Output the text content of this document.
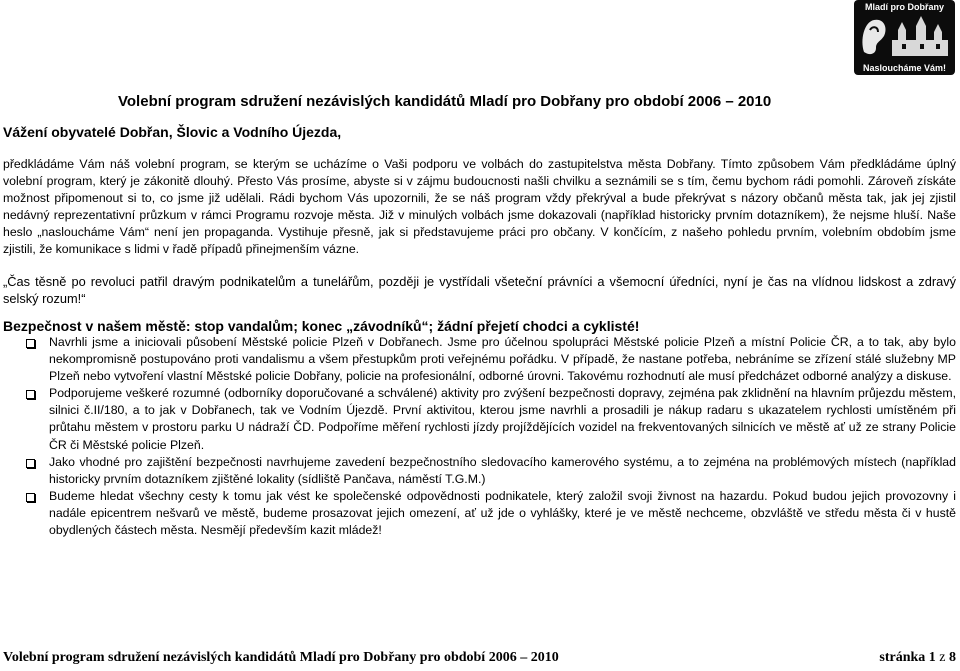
Mladí pro Dobřany
Nasloucháme Vám!
Volební program sdružení nezávislých kandidátů Mladí pro Dobřany pro období 2006 – 2010
Vážení obyvatelé Dobřan, Šlovic a Vodního Újezda,
předkládáme Vám náš volební program, se kterým se ucházíme o Vaši podporu ve volbách do zastupitelstva města Dobřany. Tímto způsobem Vám předkládáme úplný volební program, který je zákonitě dlouhý. Přesto Vás prosíme, abyste si v zájmu budoucnosti našli chvilku a seznámili se s tím, čemu bychom rádi pomohli. Zároveň získáte možnost připomenout si to, co jsme již udělali. Rádi bychom Vás upozornili, že se náš program vždy překrýval a bude překrývat s názory občanů města tak, jak jej zjistil nedávný reprezentativní průzkum v rámci Programu rozvoje města. Již v minulých volbách jsme dokazovali (například historicky prvním dotazníkem), že nejsme hluší. Naše heslo „nasloucháme Vám“ není jen propaganda. Vystihuje přesně, jak si představujeme práci pro občany. V končícím, z našeho pohledu prvním, volebním obdobím jsme zjistili, že komunikace s lidmi v řadě případů přinejmenším vázne.
„Čas těsně po revoluci patřil dravým podnikatelům a tunelářům, později je vystřídali všeteční právníci a všemocní úředníci, nyní je čas na vlídnou lidskost a zdravý selský rozum!“
Bezpečnost v našem městě: stop vandalům; konec „závodníků“; žádní přejetí chodci a cyklisté!
Navrhli jsme a iniciovali působení Městské policie Plzeň v Dobřanech. Jsme pro účelnou spolupráci Městské policie Plzeň a místní Policie ČR, a to tak, aby bylo nekompromisně postupováno proti vandalismu a všem přestupkům proti veřejnému pořádku. V případě, že nastane potřeba, nebráníme se zřízení stálé služebny MP Plzeň nebo vytvoření vlastní Městské policie Dobřany, policie na profesionální, odborné úrovni. Takovému rozhodnutí ale musí předcházet odborné analýzy a diskuse.
Podporujeme veškeré rozumné (odborníky doporučované a schválené) aktivity pro zvýšení bezpečnosti dopravy, zejména pak zklidnění na hlavním průjezdu městem, silnici č.II/180, a to jak v Dobřanech, tak ve Vodním Újezdě. První aktivitou, kterou jsme navrhli a prosadili je nákup radaru s ukazatelem rychlosti umístěném při průtahu městem v prostoru parku U nádraží ČD. Podpoříme měření rychlosti jízdy projíždějících vozidel na frekventovaných silnicích ve městě ať už ze strany Policie ČR či Městské policie Plzeň.
Jako vhodné pro zajištění bezpečnosti navrhujeme zavedení bezpečnostního sledovacího kamerového systému, a to zejména na problémových místech (například historicky prvním dotazníkem zjištěné lokality (sídliště Pančava, náměstí T.G.M.)
Budeme hledat všechny cesty k tomu jak vést ke společenské odpovědnosti podnikatele, který založil svoji živnost na hazardu. Pokud budou jejich provozovny i nadále epicentrem nešvarů ve městě, budeme prosazovat jejich omezení, ať už jde o vyhlášky, které je ve městě nechceme, obzvláště ve středu města či v hustě obydlených částech města. Nesmějí především kazit mládež!
Volební program sdružení nezávislých kandidátů Mladí pro Dobřany pro období 2006 – 2010	stránka 1 z 8
